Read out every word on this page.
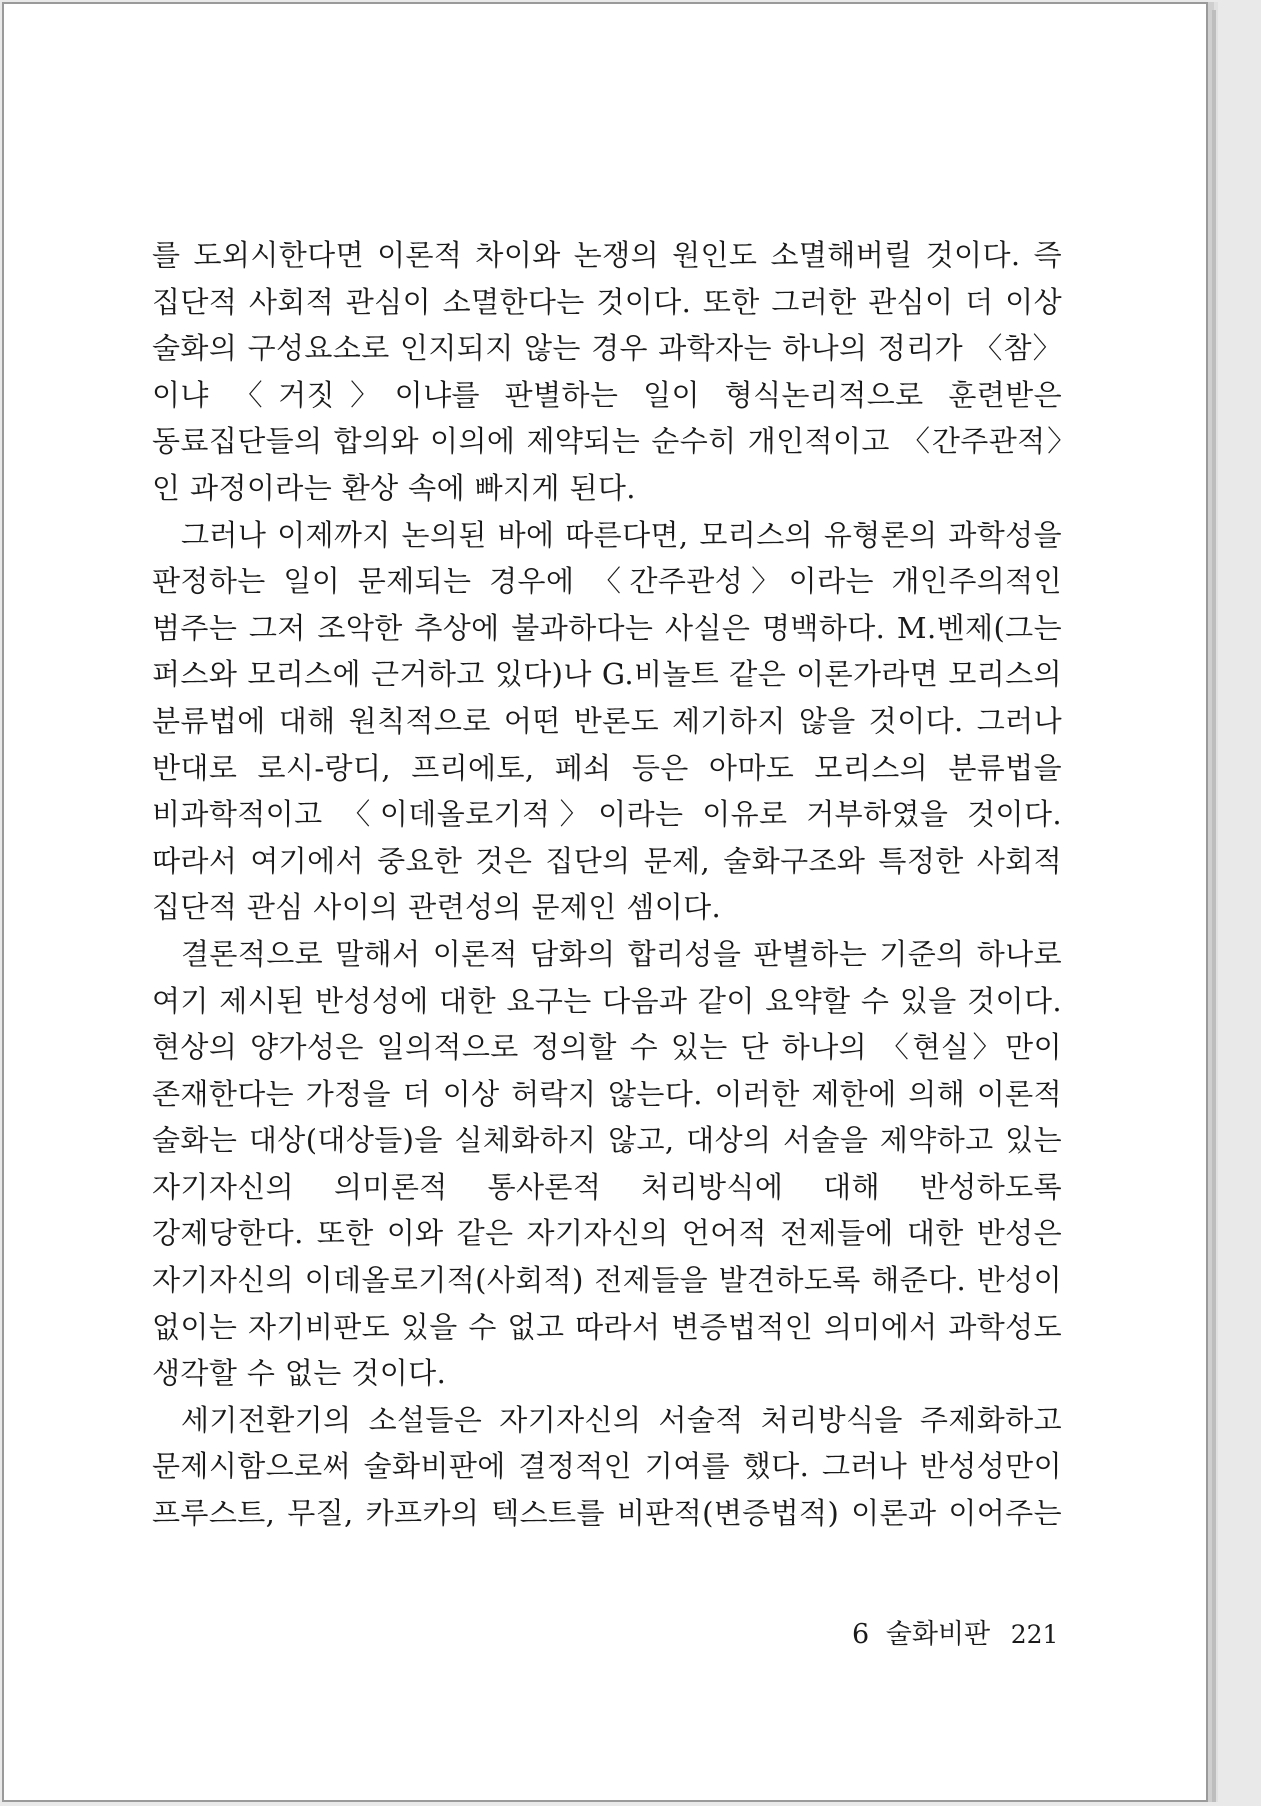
를 도외시한다면 이론적 차이와 논쟁의 원인도 소멸해버릴 것이다. 즉 집단적 사회적 관심이 소멸한다는 것이다. 또한 그러한 관심이 더 이상 술화의 구성요소로 인지되지 않는 경우 과학자는 하나의 정리가 〈참〉이냐 〈거짓〉이냐를 판별하는 일이 형식논리적으로 훈련받은 동료집단들의 합의와 이의에 제약되는 순수히 개인적이고 〈간주관적〉인 과정이라는 환상 속에 빠지게 된다.

그러나 이제까지 논의된 바에 따른다면, 모리스의 유형론의 과학성을 판정하는 일이 문제되는 경우에 〈간주관성〉이라는 개인주의적인 범주는 그저 조악한 추상에 불과하다는 사실은 명백하다. M.벤제(그는 퍼스와 모리스에 근거하고 있다)나 G.비놀트 같은 이론가라면 모리스의 분류법에 대해 원칙적으로 어떤 반론도 제기하지 않을 것이다. 그러나 반대로 로시-랑디, 프리에토, 페쇠 등은 아마도 모리스의 분류법을 비과학적이고 〈이데올로기적〉이라는 이유로 거부하였을 것이다. 따라서 여기에서 중요한 것은 집단의 문제, 술화구조와 특정한 사회적 집단적 관심 사이의 관련성의 문제인 셈이다.

결론적으로 말해서 이론적 담화의 합리성을 판별하는 기준의 하나로 여기 제시된 반성성에 대한 요구는 다음과 같이 요약할 수 있을 것이다. 현상의 양가성은 일의적으로 정의할 수 있는 단 하나의 〈현실〉만이 존재한다는 가정을 더 이상 허락지 않는다. 이러한 제한에 의해 이론적 술화는 대상(대상들)을 실체화하지 않고, 대상의 서술을 제약하고 있는 자기자신의 의미론적 통사론적 처리방식에 대해 반성하도록 강제당한다. 또한 이와 같은 자기자신의 언어적 전제들에 대한 반성은 자기자신의 이데올로기적(사회적) 전제들을 발견하도록 해준다. 반성이 없이는 자기비판도 있을 수 없고 따라서 변증법적인 의미에서 과학성도 생각할 수 없는 것이다.

세기전환기의 소설들은 자기자신의 서술적 처리방식을 주제화하고 문제시함으로써 술화비판에 결정적인 기여를 했다. 그러나 반성성만이 프루스트, 무질, 카프카의 텍스트를 비판적(변증법적) 이론과 이어주는

6 술화비판 221
